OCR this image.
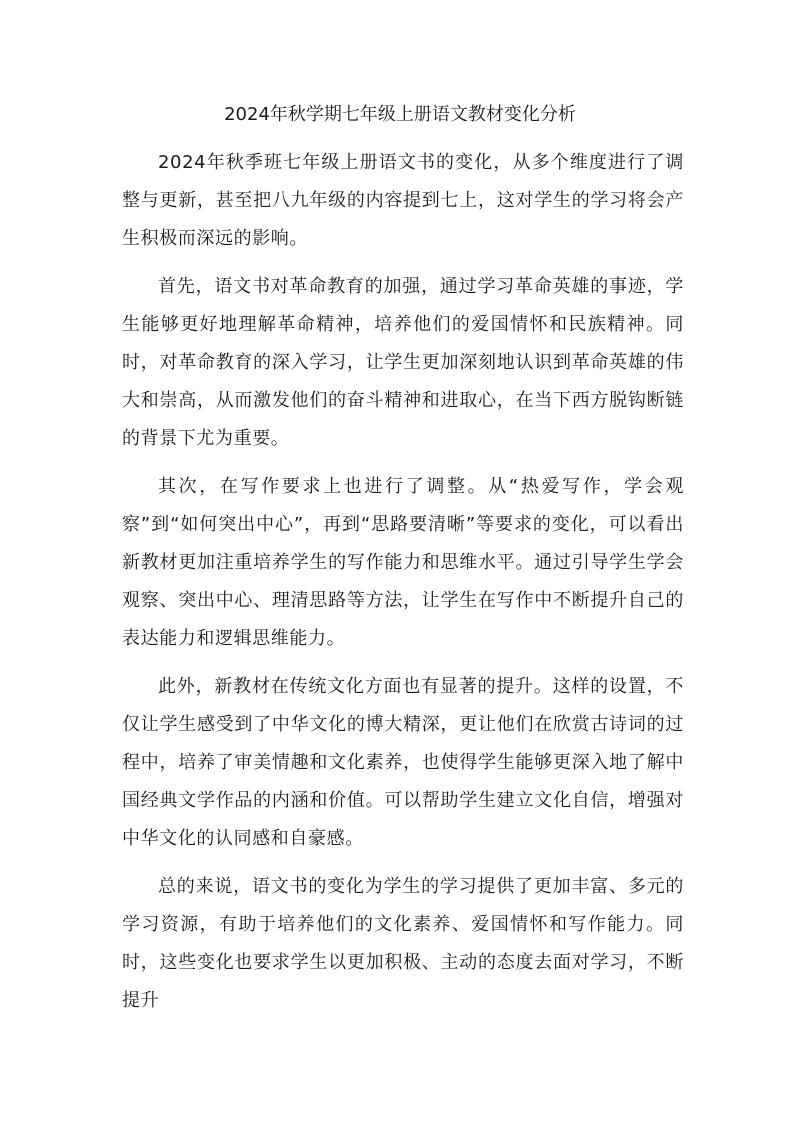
2024年秋学期七年级上册语文教材变化分析

2024年秋季班七年级上册语文书的变化，从多个维度进行了调整与更新，甚至把八九年级的内容提到七上，这对学生的学习将会产生积极而深远的影响。

首先，语文书对革命教育的加强，通过学习革命英雄的事迹，学生能够更好地理解革命精神，培养他们的爱国情怀和民族精神。同时，对革命教育的深入学习，让学生更加深刻地认识到革命英雄的伟大和崇高，从而激发他们的奋斗精神和进取心，在当下西方脱钩断链的背景下尤为重要。

其次，在写作要求上也进行了调整。从“热爱写作，学会观察”到“如何突出中心”，再到“思路要清晰”等要求的变化，可以看出新教材更加注重培养学生的写作能力和思维水平。通过引导学生学会观察、突出中心、理清思路等方法，让学生在写作中不断提升自己的表达能力和逻辑思维能力。

此外，新教材在传统文化方面也有显著的提升。这样的设置，不仅让学生感受到了中华文化的博大精深，更让他们在欣赏古诗词的过程中，培养了审美情趣和文化素养，也使得学生能够更深入地了解中国经典文学作品的内涵和价值。可以帮助学生建立文化自信，增强对中华文化的认同感和自豪感。

总的来说，语文书的变化为学生的学习提供了更加丰富、多元的学习资源，有助于培养他们的文化素养、爱国情怀和写作能力。同时，这些变化也要求学生以更加积极、主动的态度去面对学习，不断提升
